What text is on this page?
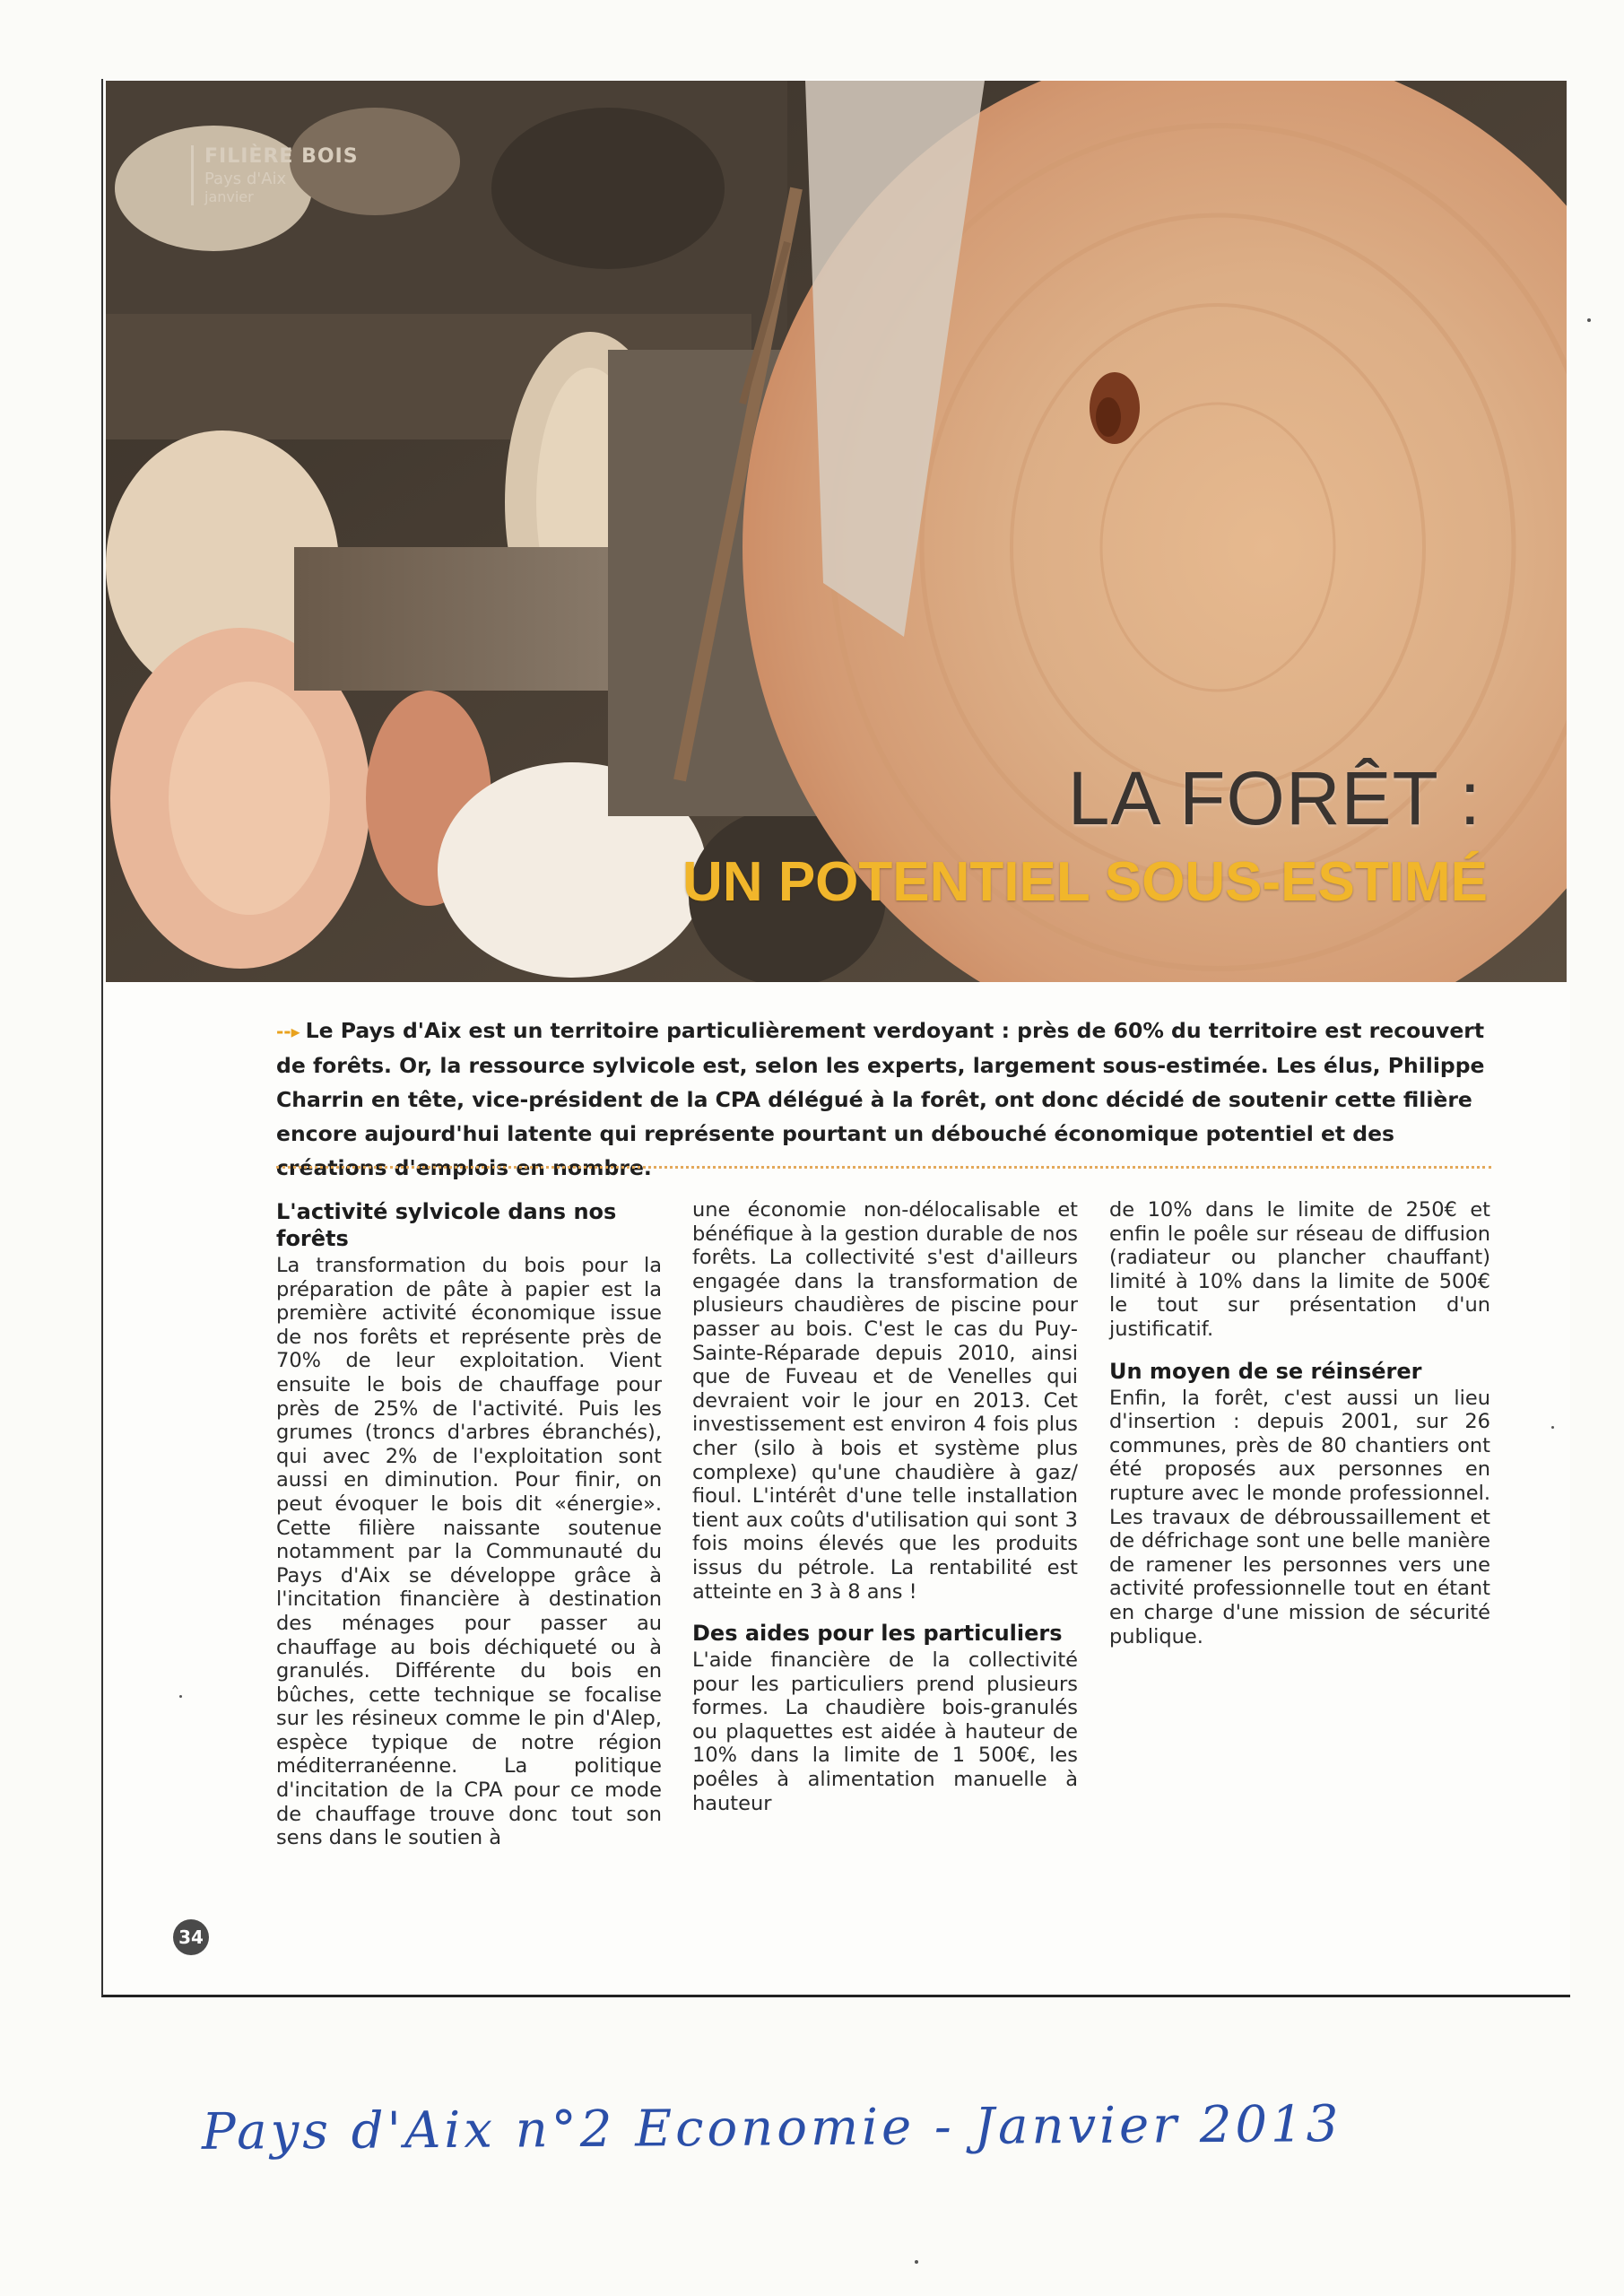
FILIÈRE BOIS
Pays d'Aix
janvier
LA FORÊT :
UN POTENTIEL SOUS-ESTIMÉ
--▸ Le Pays d'Aix est un territoire particulièrement verdoyant : près de 60% du territoire est recouvert de forêts. Or, la ressource sylvicole est, selon les experts, largement sous-estimée. Les élus, Philippe Charrin en tête, vice-président de la CPA délégué à la forêt, ont donc décidé de soutenir cette filière encore aujourd'hui latente qui représente pourtant un débouché économique potentiel et des créations d'emplois en nombre.
L'activité sylvicole dans nos forêts

La transformation du bois pour la préparation de pâte à papier est la première activité économique issue de nos forêts et représente près de 70% de leur exploitation. Vient ensuite le bois de chauffage pour près de 25% de l'activité. Puis les grumes (troncs d'arbres ébranchés), qui avec 2% de l'exploitation sont aussi en diminution. Pour finir, on peut évoquer le bois dit «énergie». Cette filière naissante soutenue notamment par la Communauté du Pays d'Aix se développe grâce à l'incitation financière à destination des ménages pour passer au chauffage au bois déchiqueté ou à granulés. Différente du bois en bûches, cette technique se focalise sur les résineux comme le pin d'Alep, espèce typique de notre région méditerranéenne. La politique d'incitation de la CPA pour ce mode de chauffage trouve donc tout son sens dans le soutien à

une économie non-délocalisable et bénéfique à la gestion durable de nos forêts. La collectivité s'est d'ailleurs engagée dans la transformation de plusieurs chaudières de piscine pour passer au bois. C'est le cas du Puy-Sainte-Réparade depuis 2010, ainsi que de Fuveau et de Venelles qui devraient voir le jour en 2013. Cet investissement est environ 4 fois plus cher (silo à bois et système plus complexe) qu'une chaudière à gaz/ fioul. L'intérêt d'une telle installation tient aux coûts d'utilisation qui sont 3 fois moins élevés que les produits issus du pétrole. La rentabilité est atteinte en 3 à 8 ans !

Des aides pour les particuliers

L'aide financière de la collectivité pour les particuliers prend plusieurs formes. La chaudière bois-granulés ou plaquettes est aidée à hauteur de 10% dans la limite de 1 500€, les poêles à alimentation manuelle à hauteur

de 10% dans le limite de 250€ et enfin le poêle sur réseau de diffusion (radiateur ou plancher chauffant) limité à 10% dans la limite de 500€ le tout sur présentation d'un justificatif.

Un moyen de se réinsérer

Enfin, la forêt, c'est aussi un lieu d'insertion : depuis 2001, sur 26 communes, près de 80 chantiers ont été proposés aux personnes en rupture avec le monde professionnel. Les travaux de débroussaillement et de défrichage sont une belle manière de ramener les personnes vers une activité professionnelle tout en étant en charge d'une mission de sécurité publique.

34
Pays d'Aix n°2 Economie - Janvier 2013
